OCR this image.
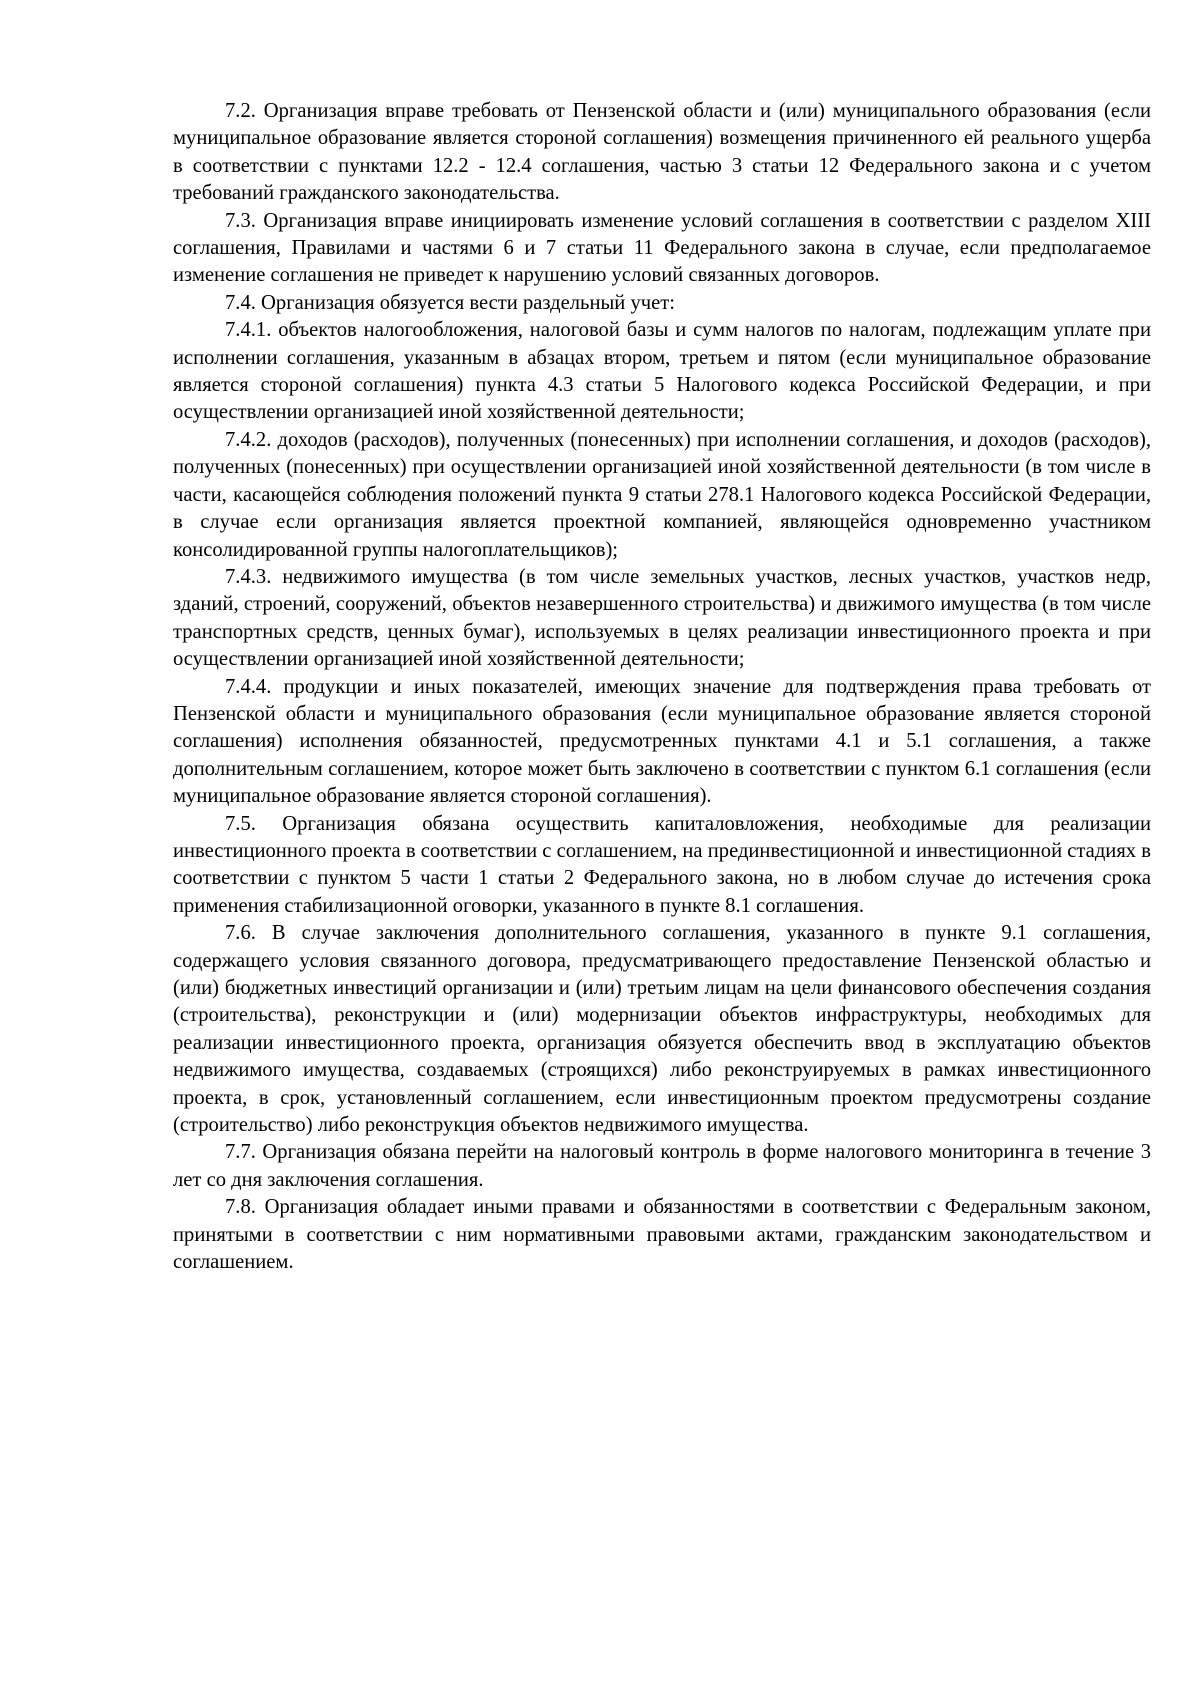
7.2. Организация вправе требовать от Пензенской области и (или) муниципального образования (если муниципальное образование является стороной соглашения) возмещения причиненного ей реального ущерба в соответствии с пунктами 12.2 - 12.4 соглашения, частью 3 статьи 12 Федерального закона и с учетом требований гражданского законодательства.

7.3. Организация вправе инициировать изменение условий соглашения в соответствии с разделом XIII соглашения, Правилами и частями 6 и 7 статьи 11 Федерального закона в случае, если предполагаемое изменение соглашения не приведет к нарушению условий связанных договоров.

7.4. Организация обязуется вести раздельный учет:

7.4.1. объектов налогообложения, налоговой базы и сумм налогов по налогам, подлежащим уплате при исполнении соглашения, указанным в абзацах втором, третьем и пятом (если муниципальное образование является стороной соглашения) пункта 4.3 статьи 5 Налогового кодекса Российской Федерации, и при осуществлении организацией иной хозяйственной деятельности;

7.4.2. доходов (расходов), полученных (понесенных) при исполнении соглашения, и доходов (расходов), полученных (понесенных) при осуществлении организацией иной хозяйственной деятельности (в том числе в части, касающейся соблюдения положений пункта 9 статьи 278.1 Налогового кодекса Российской Федерации, в случае если организация является проектной компанией, являющейся одновременно участником консолидированной группы налогоплательщиков);

7.4.3. недвижимого имущества (в том числе земельных участков, лесных участков, участков недр, зданий, строений, сооружений, объектов незавершенного строительства) и движимого имущества (в том числе транспортных средств, ценных бумаг), используемых в целях реализации инвестиционного проекта и при осуществлении организацией иной хозяйственной деятельности;

7.4.4. продукции и иных показателей, имеющих значение для подтверждения права требовать от Пензенской области и муниципального образования (если муниципальное образование является стороной соглашения) исполнения обязанностей, предусмотренных пунктами 4.1 и 5.1 соглашения, а также дополнительным соглашением, которое может быть заключено в соответствии с пунктом 6.1 соглашения (если муниципальное образование является стороной соглашения).

7.5. Организация обязана осуществить капиталовложения, необходимые для реализации инвестиционного проекта в соответствии с соглашением, на прединвестиционной и инвестиционной стадиях в соответствии с пунктом 5 части 1 статьи 2 Федерального закона, но в любом случае до истечения срока применения стабилизационной оговорки, указанного в пункте 8.1 соглашения.

7.6. В случае заключения дополнительного соглашения, указанного в пункте 9.1 соглашения, содержащего условия связанного договора, предусматривающего предоставление Пензенской областью и (или) бюджетных инвестиций организации и (или) третьим лицам на цели финансового обеспечения создания (строительства), реконструкции и (или) модернизации объектов инфраструктуры, необходимых для реализации инвестиционного проекта, организация обязуется обеспечить ввод в эксплуатацию объектов недвижимого имущества, создаваемых (строящихся) либо реконструируемых в рамках инвестиционного проекта, в срок, установленный соглашением, если инвестиционным проектом предусмотрены создание (строительство) либо реконструкция объектов недвижимого имущества.

7.7. Организация обязана перейти на налоговый контроль в форме налогового мониторинга в течение 3 лет со дня заключения соглашения.

7.8. Организация обладает иными правами и обязанностями в соответствии с Федеральным законом, принятыми в соответствии с ним нормативными правовыми актами, гражданским законодательством и соглашением.
